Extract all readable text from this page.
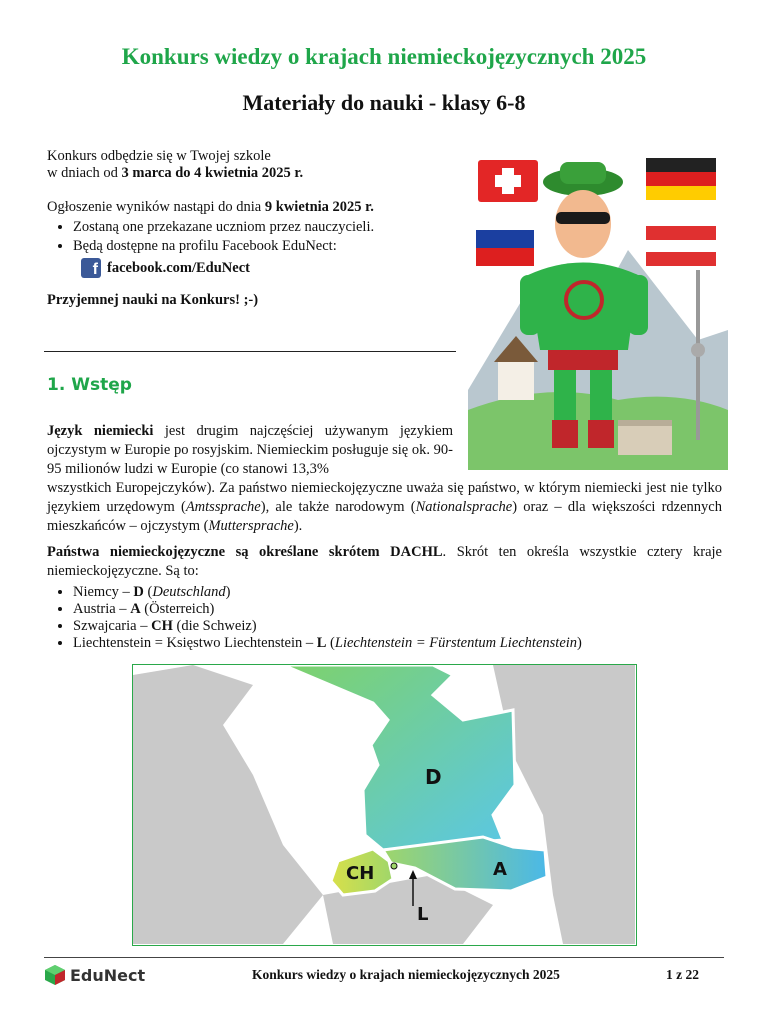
Konkurs wiedzy o krajach niemieckojęzycznych 2025
Materiały do nauki - klasy 6-8

Konkurs odbędzie się w Twojej szkole

w dniach od 3 marca do 4 kwietnia 2025 r.

Ogłoszenie wyników nastąpi do dnia 9 kwietnia 2025 r.

• Zostaną one przekazane uczniom przez nauczycieli.
• Będą dostępne na profilu Facebook EduNect:
f facebook.com/EduNect

Przyjemnej nauki na Konkurs! ;-)

1. Wstęp
Język niemiecki jest drugim najczęściej używanym językiem ojczystym w Europie po rosyjskim. Niemieckim posługuje się ok. 90-95 milionów ludzi w Europie (co stanowi 13,3%
wszystkich Europejczyków). Za państwo niemieckojęzyczne uważa się państwo, w którym niemiecki jest nie tylko językiem urzędowym (Amtssprache), ale także narodowym (Nationalsprache) oraz – dla większości rdzennych mieszkańców – ojczystym (Muttersprache).
Państwa niemieckojęzyczne są określane skrótem DACHL. Skrót ten określa wszystkie cztery kraje niemieckojęzyczne. Są to:
• Niemcy – D (Deutschland)
• Austria – A (Österreich)
• Szwajcaria – CH (die Schweiz)
• Liechtenstein = Księstwo Liechtenstein – L (Liechtenstein = Fürstentum Liechtenstein)
D
A
CH
L
EduNect	Konkurs wiedzy o krajach niemieckojęzycznych 2025	1 z 22
